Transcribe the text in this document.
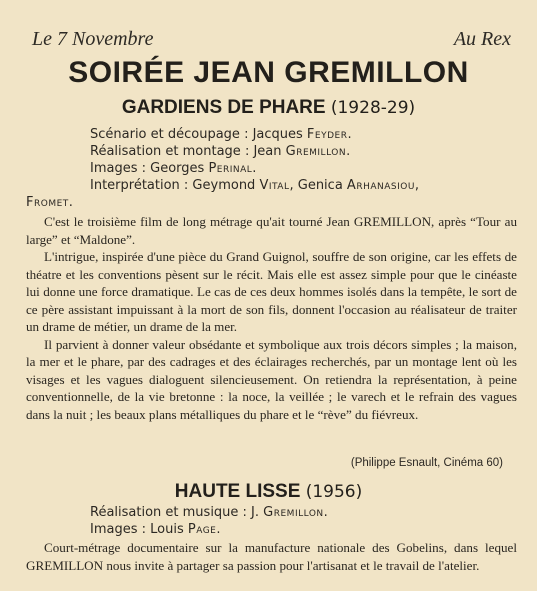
Le 7 Novembre	Au Rex
SOIRÉE JEAN GREMILLON
GARDIENS DE PHARE (1928-29)
Scénario et découpage : Jacques Feyder.
Réalisation et montage : Jean Gremillon.
Images : Georges Perinal.
Interprétation : Geymond Vital, Genica Arhanasiou,
Fromet.

C'est le troisième film de long métrage qu'ait tourné Jean GREMILLON, après “Tour au large” et “Maldone”.

L'intrigue, inspirée d'une pièce du Grand Guignol, souffre de son origine, car les effets de théatre et les conventions pèsent sur le récit. Mais elle est assez simple pour que le cinéaste lui donne une force dramatique. Le cas de ces deux hommes isolés dans la tempête, le sort de ce père assistant impuissant à la mort de son fils, donnent l'occasion au réalisateur de traiter un drame de métier, un drame de la mer.

Il parvient à donner valeur obsédante et symbolique aux trois décors simples ; la maison, la mer et le phare, par des cadrages et des éclairages recherchés, par un montage lent où les visages et les vagues dialoguent silencieusement. On retiendra la représentation, à peine conventionnelle, de la vie bretonne : la noce, la veillée ; le varech et le refrain des vagues dans la nuit ; les beaux plans métalliques du phare et le “rève” du fiévreux.

(Philippe Esnault, Cinéma 60)
HAUTE LISSE (1956)
Réalisation et musique : J. Gremillon.
Images : Louis Page.

Court-métrage documentaire sur la manufacture nationale des Gobelins, dans lequel GREMILLON nous invite à partager sa passion pour l'artisanat et le travail de l'atelier.
